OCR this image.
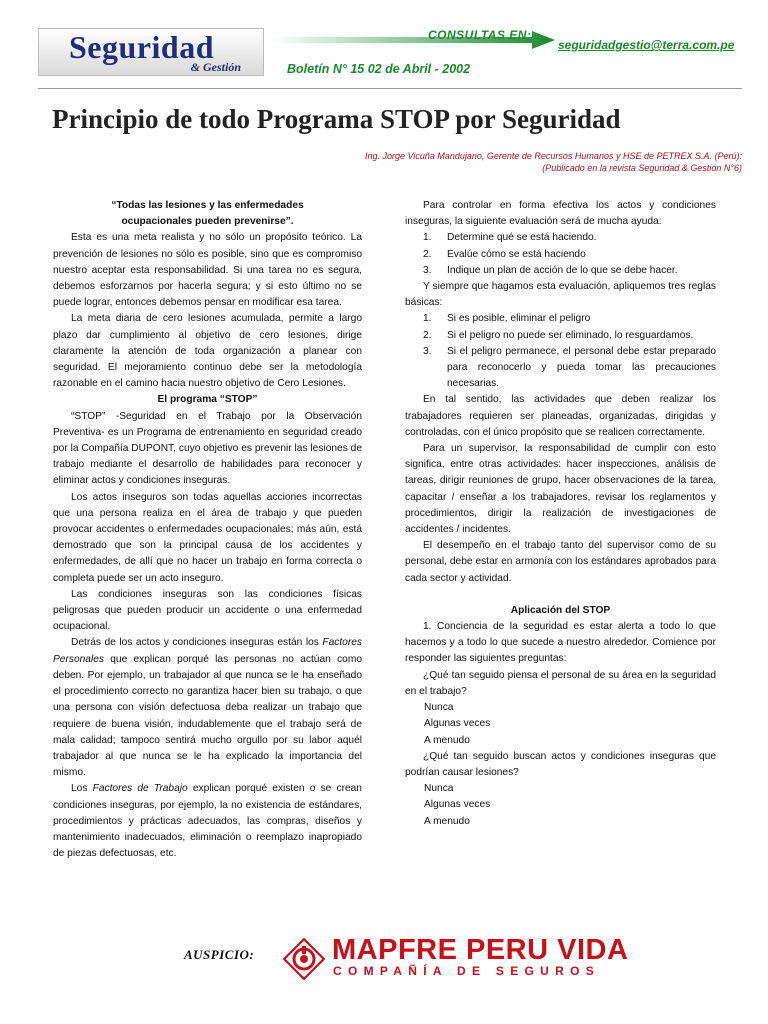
Seguridad
& Gestión
CONSULTAS EN:
seguridadgestio@terra.com.pe
Boletín N° 15 02 de Abril - 2002
Principio de todo Programa STOP por Seguridad
Ing. Jorge Vicuña Mandujano, Gerente de Recursos Humanos y HSE de PETREX S.A. (Perú):
(Publicado en la revista Seguridad & Gestión N°6)
“Todas las lesiones y las enfermedades ocupacionales pueden prevenirse”.

Esta es una meta realista y no sólo un propósito teórico. La prevención de lesiones no sólo es posible, sino que es compromiso nuestro aceptar esta responsabilidad. Si una tarea no es segura, debemos esforzarnos por hacerla segura; y si esto último no se puede lograr, entonces debemos pensar en modificar esa tarea.

La meta diaria de cero lesiones acumulada, permite a largo plazo dar cumplimiento al objetivo de cero lesiones, dirige claramente la atención de toda organización a planear con seguridad. El mejoramiento continuo debe ser la metodología razonable en el camino hacia nuestro objetivo de Cero Lesiones.

El programa “STOP”

“STOP” -Seguridad en el Trabajo por la Observación Preventiva- es un Programa de entrenamiento en seguridad creado por la Compañía DUPONT, cuyo objetivo es prevenir las lesiones de trabajo mediante el desarrollo de habilidades para reconocer y eliminar actos y condiciones inseguras.

Los actos inseguros son todas aquellas acciones incorrectas que una persona realiza en el área de trabajo y que pueden provocar accidentes o enfermedades ocupacionales; más aún, está demostrado que son la principal causa de los accidentes y enfermedades, de allí que no hacer un trabajo en forma correcta o completa puede ser un acto inseguro.

Las condiciones inseguras son las condiciones físicas peligrosas que pueden producir un accidente o una enfermedad ocupacional.

Detrás de los actos y condiciones inseguras están los Factores Personales que explican porqué las personas no actúan como deben. Por ejemplo, un trabajador al que nunca se le ha enseñado el procedimiento correcto no garantiza hacer bien su trabajo, o que una persona con visión defectuosa deba realizar un trabajo que requiere de buena visión, indudablemente que el trabajo será de mala calidad; tampoco sentirá mucho orgullo por su labor aquél trabajador al que nunca se le ha explicado la importancia del mismo.

Los Factores de Trabajo explican porqué existen o se crean condiciones inseguras, por ejemplo, la no existencia de estándares, procedimientos y prácticas adecuados, las compras, diseños y mantenimiento inadecuados, eliminación o reemplazo inapropiado de piezas defectuosas, etc.

Para controlar en forma efectiva los actos y condiciones inseguras, la siguiente evaluación será de mucha ayuda:

1. Determine qué se está haciendo.
2. Evalúe cómo se está haciendo
3. Indique un plan de acción de lo que se debe hacer.

Y siempre que hagamos esta evaluación, apliquemos tres reglas básicas:

1. Si es posible, eliminar el peligro
2. Si el peligro no puede ser eliminado, lo resguardamos.
3. Si el peligro permanece, el personal debe estar preparado para reconocerlo y pueda tomar las precauciones necesarias.

En tal sentido, las actividades que deben realizar los trabajadores requieren ser planeadas, organizadas, dirigidas y controladas, con el único propósito que se realicen correctamente.

Para un supervisor, la responsabilidad de cumplir con esto significa, entre otras actividades: hacer inspecciones, análisis de tareas, dirigir reuniones de grupo, hacer observaciones de la tarea, capacitar / enseñar a los trabajadores, revisar los reglamentos y procedimientos, dirigir la realización de investigaciones de accidentes / incidentes.

El desempeño en el trabajo tanto del supervisor como de su personal, debe estar en armonía con los estándares aprobados para cada sector y actividad.

Aplicación del STOP

1. Conciencia de la seguridad es estar alerta a todo lo que hacemos y a todo lo que sucede a nuestro alrededor. Comience por responder las siguientes preguntas:

¿Qué tan seguido piensa el personal de su área en la seguridad en el trabajo?

Nunca
Algunas veces
A menudo

¿Qué tan seguido buscan actos y condiciones inseguras que podrían causar lesiones?

Nunca
Algunas veces
A menudo
AUSPICIO:	MAPFRE PERU VIDA
COMPAÑÍA DE SEGUROS
